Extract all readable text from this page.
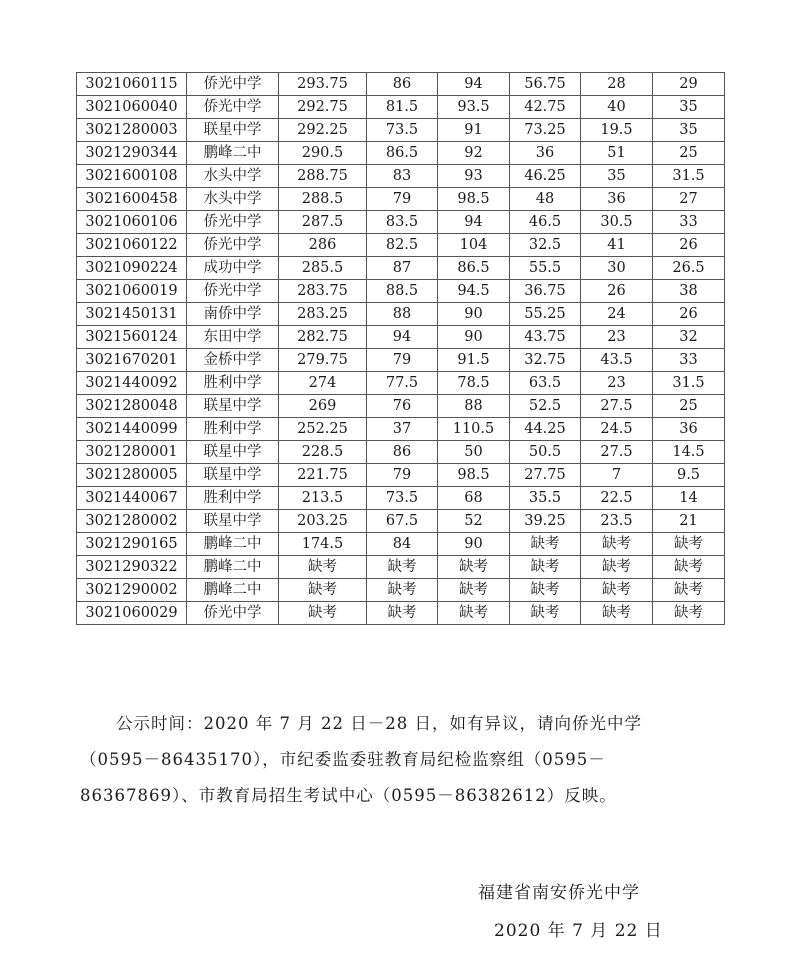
3021060115	侨光中学	293.75	86	94	56.75	28	29
3021060040	侨光中学	292.75	81.5	93.5	42.75	40	35
3021280003	联星中学	292.25	73.5	91	73.25	19.5	35
3021290344	鹏峰二中	290.5	86.5	92	36	51	25
3021600108	水头中学	288.75	83	93	46.25	35	31.5
3021600458	水头中学	288.5	79	98.5	48	36	27
3021060106	侨光中学	287.5	83.5	94	46.5	30.5	33
3021060122	侨光中学	286	82.5	104	32.5	41	26
3021090224	成功中学	285.5	87	86.5	55.5	30	26.5
3021060019	侨光中学	283.75	88.5	94.5	36.75	26	38
3021450131	南侨中学	283.25	88	90	55.25	24	26
3021560124	东田中学	282.75	94	90	43.75	23	32
3021670201	金桥中学	279.75	79	91.5	32.75	43.5	33
3021440092	胜利中学	274	77.5	78.5	63.5	23	31.5
3021280048	联星中学	269	76	88	52.5	27.5	25
3021440099	胜利中学	252.25	37	110.5	44.25	24.5	36
3021280001	联星中学	228.5	86	50	50.5	27.5	14.5
3021280005	联星中学	221.75	79	98.5	27.75	7	9.5
3021440067	胜利中学	213.5	73.5	68	35.5	22.5	14
3021280002	联星中学	203.25	67.5	52	39.25	23.5	21
3021290165	鹏峰二中	174.5	84	90	缺考	缺考	缺考
3021290322	鹏峰二中	缺考	缺考	缺考	缺考	缺考	缺考
3021290002	鹏峰二中	缺考	缺考	缺考	缺考	缺考	缺考
3021060029	侨光中学	缺考	缺考	缺考	缺考	缺考	缺考

公示时间：2020 年 7 月 22 日－28 日，如有异议，请向侨光中学

（0595－86435170），市纪委监委驻教育局纪检监察组（0595－

86367869）、市教育局招生考试中心（0595－86382612）反映。

福建省南安侨光中学
2020 年 7 月 22 日
